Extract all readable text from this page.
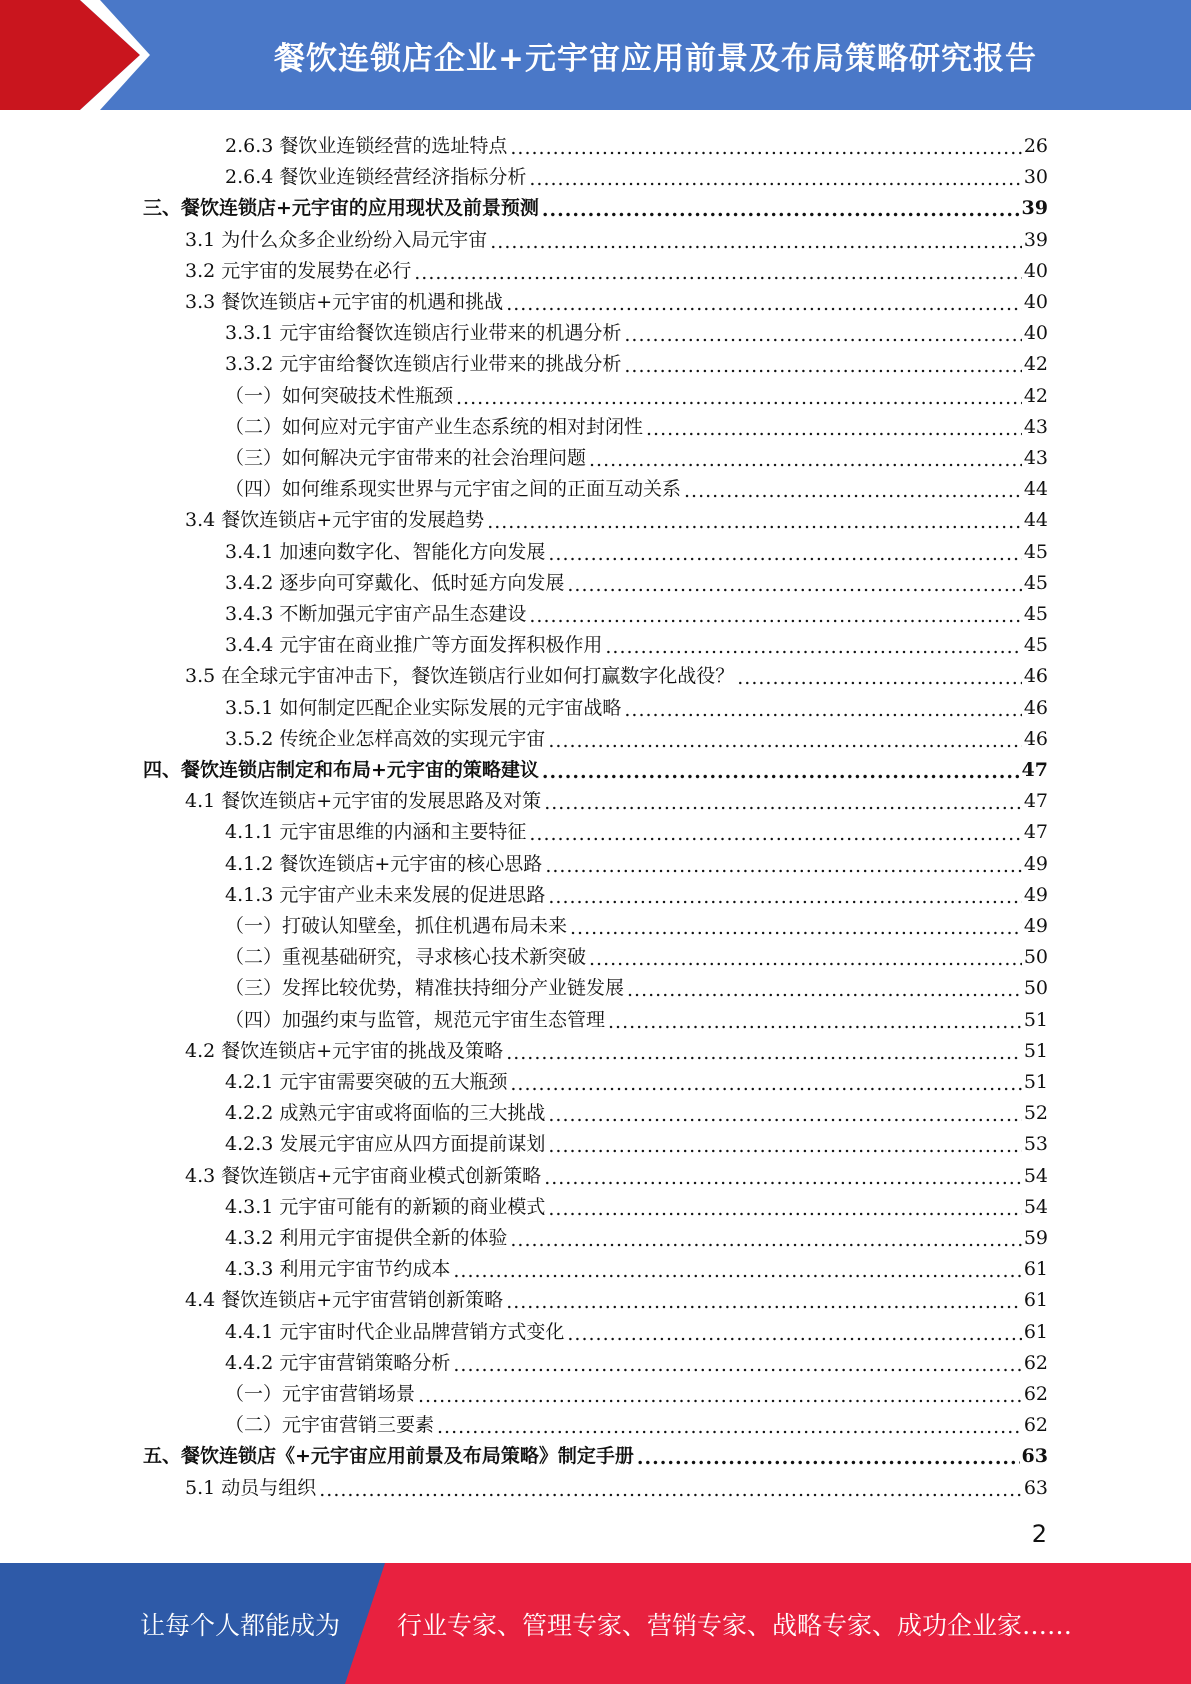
餐饮连锁店企业+元宇宙应用前景及布局策略研究报告
2.6.3 餐饮业连锁经营的选址特点 .....	26
2.6.4 餐饮业连锁经营经济指标分析 .....	30
三、餐饮连锁店+元宇宙的应用现状及前景预测 .....	39
3.1 为什么众多企业纷纷入局元宇宙 .....	39
3.2 元宇宙的发展势在必行 .....	40
3.3 餐饮连锁店+元宇宙的机遇和挑战 .....	40
3.3.1 元宇宙给餐饮连锁店行业带来的机遇分析 .....	40
3.3.2 元宇宙给餐饮连锁店行业带来的挑战分析 .....	42
（一）如何突破技术性瓶颈 .....	42
（二）如何应对元宇宙产业生态系统的相对封闭性 .....	43
（三）如何解决元宇宙带来的社会治理问题 .....	43
（四）如何维系现实世界与元宇宙之间的正面互动关系 .....	44
3.4 餐饮连锁店+元宇宙的发展趋势 .....	44
3.4.1 加速向数字化、智能化方向发展 .....	45
3.4.2 逐步向可穿戴化、低时延方向发展 .....	45
3.4.3 不断加强元宇宙产品生态建设 .....	45
3.4.4 元宇宙在商业推广等方面发挥积极作用 .....	45
3.5 在全球元宇宙冲击下，餐饮连锁店行业如何打赢数字化战役？ .....	46
3.5.1 如何制定匹配企业实际发展的元宇宙战略 .....	46
3.5.2 传统企业怎样高效的实现元宇宙 .....	46
四、餐饮连锁店制定和布局+元宇宙的策略建议 .....	47
4.1 餐饮连锁店+元宇宙的发展思路及对策 .....	47
4.1.1 元宇宙思维的内涵和主要特征 .....	47
4.1.2 餐饮连锁店+元宇宙的核心思路 .....	49
4.1.3 元宇宙产业未来发展的促进思路 .....	49
（一）打破认知壁垒，抓住机遇布局未来 .....	49
（二）重视基础研究，寻求核心技术新突破 .....	50
（三）发挥比较优势，精准扶持细分产业链发展 .....	50
（四）加强约束与监管，规范元宇宙生态管理 .....	51
4.2 餐饮连锁店+元宇宙的挑战及策略 .....	51
4.2.1 元宇宙需要突破的五大瓶颈 .....	51
4.2.2 成熟元宇宙或将面临的三大挑战 .....	52
4.2.3 发展元宇宙应从四方面提前谋划 .....	53
4.3 餐饮连锁店+元宇宙商业模式创新策略 .....	54
4.3.1 元宇宙可能有的新颖的商业模式 .....	54
4.3.2 利用元宇宙提供全新的体验 .....	59
4.3.3 利用元宇宙节约成本 .....	61
4.4 餐饮连锁店+元宇宙营销创新策略 .....	61
4.4.1 元宇宙时代企业品牌营销方式变化 .....	61
4.4.2 元宇宙营销策略分析 .....	62
（一）元宇宙营销场景 .....	62
（二）元宇宙营销三要素 .....	62
五、餐饮连锁店《+元宇宙应用前景及布局策略》制定手册 .....	63
5.1 动员与组织 .....	63
2
让每个人都能成为 行业专家、管理专家、营销专家、战略专家、成功企业家……
